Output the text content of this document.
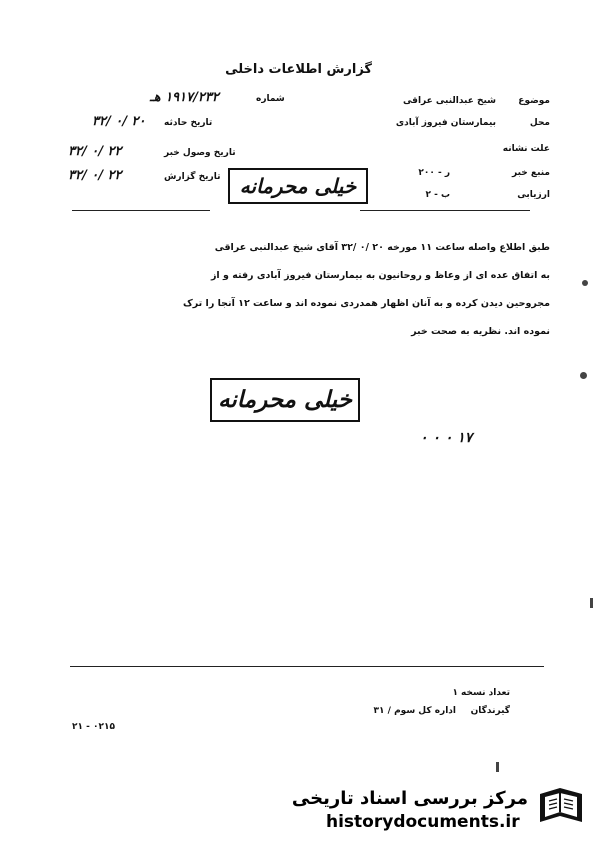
گزارش اطلاعات داخلی
موضوع
شیخ عبدالنبی عراقی
محل
بیمارستان فیروز آبادی
علت نشانه
منبع خبر
ر - ۲۰۰
ارزیابی
ب - ۲
۱۹۱۷/۲۳۲ هـ	شماره
تاریخ حادثه
۲۰ /۰ /۳۲
تاریخ وصول خبر
۲۲ /۰ /۳۲
تاریخ گزارش
۲۲ /۰ /۳۲	خیلی محرمانه
طبق اطلاع واصله ساعت ۱۱ مورخه ۲۰ /۰ /۳۲ آقای شیخ عبدالنبی عراقی
به اتفاق عده ای از وعاظ و روحانیون به بیمارستان فیروز آبادی رفته و از
مجروحین دیدن کرده و به آنان اظهار همدردی نموده اند و ساعت ۱۲ آنجا را ترک
نموده اند. نظریه به صحت خبر
خیلی محرمانه
۱۷ ۰ ۰ ۰
تعداد نسخه
۱
گیرندگان
اداره کل سوم / ۳۱
۰۲۱۵ - ۲۱
مرکز بررسی اسناد تاریخی
historydocuments.ir
